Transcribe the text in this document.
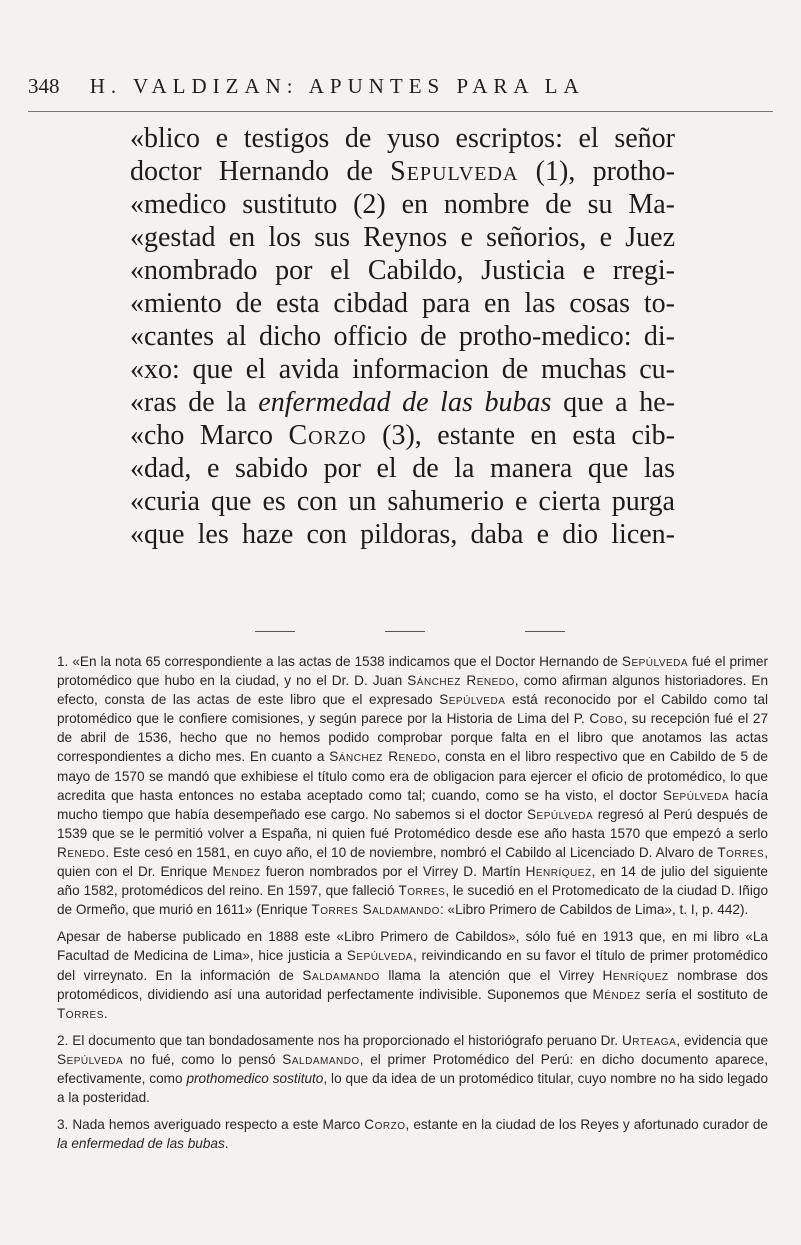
348 H. VALDIZAN: APUNTES PARA LA
«blico e testigos de yuso escriptos: el señor
doctor Hernando de Sepulveda (1), protho-
«medico sustituto (2) en nombre de su Ma-
«gestad en los sus Reynos e señorios, e Juez
«nombrado por el Cabildo, Justicia e rregi-
«miento de esta cibdad para en las cosas to-
«cantes al dicho officio de protho-medico: di-
«xo: que el avida informacion de muchas cu-
«ras de la enfermedad de las bubas que a he-
«cho Marco Corzo (3), estante en esta cib-
«dad, e sabido por el de la manera que las
«curia que es con un sahumerio e cierta purga
«que les haze con pildoras, daba e dio licen-

1. «En la nota 65 correspondiente a las actas de 1538 indicamos que el Doctor Hernando de Sepúlveda fué el primer protomédico que hubo en la ciudad, y no el Dr. D. Juan Sánchez Renedo, como afirman algunos historiadores. En efecto, consta de las actas de este libro que el expresado Sepúlveda está reconocido por el Cabildo como tal protomédico que le confiere comisiones, y según parece por la Historia de Lima del P. Cobo, su recepción fué el 27 de abril de 1536, hecho que no hemos podido comprobar porque falta en el libro que anotamos las actas correspondientes a dicho mes. En cuanto a Sánchez Renedo, consta en el libro respectivo que en Cabildo de 5 de mayo de 1570 se mandó que exhibiese el título como era de obligacion para ejercer el oficio de protomédico, lo que acredita que hasta entonces no estaba aceptado como tal; cuando, como se ha visto, el doctor Sepúlveda hacía mucho tiempo que había desempeñado ese cargo. No sabemos si el doctor Sepúlveda regresó al Perú después de 1539 que se le permitió volver a España, ni quien fué Protomédico desde ese año hasta 1570 que empezó a serlo Renedo. Este cesó en 1581, en cuyo año, el 10 de noviembre, nombró el Cabildo al Licenciado D. Alvaro de Torres, quien con el Dr. Enrique Mendez fueron nombrados por el Virrey D. Martín Henríquez, en 14 de julio del siguiente año 1582, protomédicos del reino. En 1597, que falleció Torres, le sucedió en el Protomedicato de la ciudad D. Iñigo de Ormeño, que murió en 1611» (Enrique Torres Saldamando: «Libro Primero de Cabildos de Lima», t. I, p. 442).

Apesar de haberse publicado en 1888 este «Libro Primero de Cabildos», sólo fué en 1913 que, en mi libro «La Facultad de Medicina de Lima», hice justicia a Sepúlveda, reivindicando en su favor el título de primer protomédico del virreynato. En la información de Saldamando llama la atención que el Virrey Henríquez nombrase dos protomédicos, dividiendo así una autoridad perfectamente indivisible. Suponemos que Méndez sería el sostituto de Torres.

2. El documento que tan bondadosamente nos ha proporcionado el historiógrafo peruano Dr. Urteaga, evidencia que Sepúlveda no fué, como lo pensó Saldamando, el primer Protomédico del Perú: en dicho documento aparece, efectivamente, como prothomedico sostituto, lo que da idea de un protomédico titular, cuyo nombre no ha sido legado a la posteridad.

3. Nada hemos averiguado respecto a este Marco Corzo, estante en la ciudad de los Reyes y afortunado curador de la enfermedad de las bubas.
